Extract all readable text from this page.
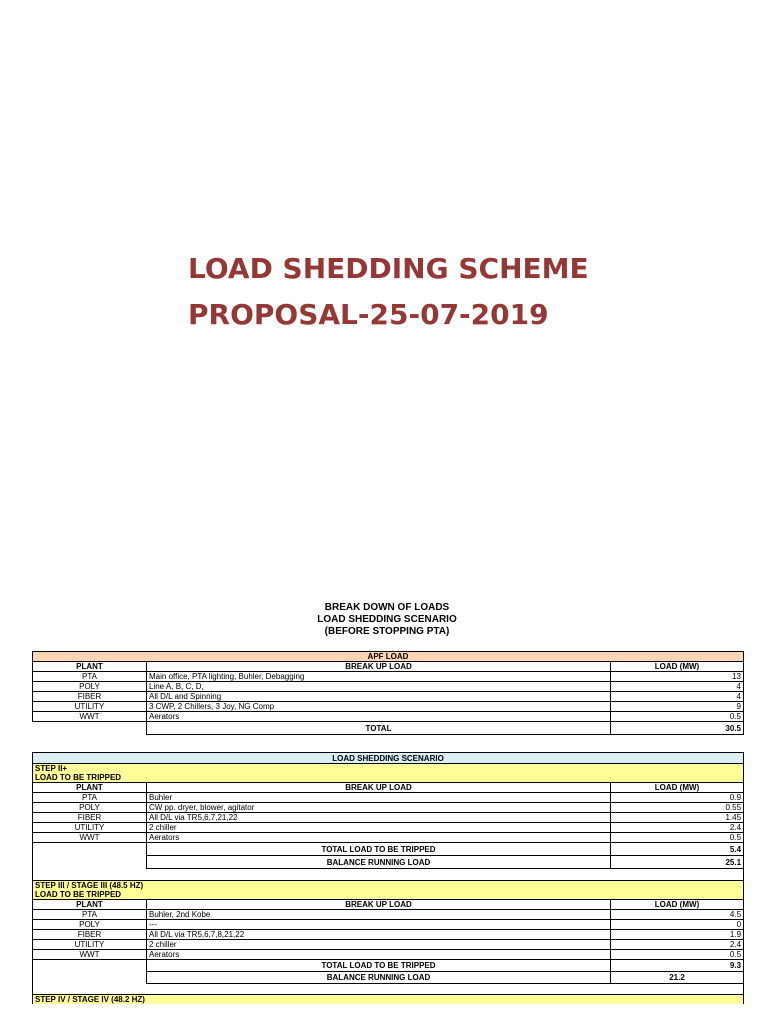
LOAD SHEDDING SCHEME
PROPOSAL-25-07-2019
BREAK DOWN OF LOADS
LOAD SHEDDING SCENARIO
(BEFORE STOPPING PTA)
APF LOAD		
PLANT	BREAK UP LOAD	LOAD (MW)
PTA	Main office, PTA lighting, Buhler, Debagging	13
POLY	Line A, B, C, D,	4
FIBER	All D/L and Spinning	4
UTILITY	3 CWP, 2 Chillers, 3 Joy, NG Comp	9
WWT	Aerators	0.5
	TOTAL	30.5
LOAD SHEDDING SCENARIO		
STEP II+		
LOAD TO BE TRIPPED		
PLANT	BREAK UP LOAD	LOAD (MW)
PTA	Buhler	0.9
POLY	CW pp. dryer, blower, agitator	0.55
FIBER	All D/L via TR5,6,7,21,22	1.45
UTILITY	2 chiller	2.4
WWT	Aerators	0.5
	TOTAL LOAD TO BE TRIPPED	5.4
	BALANCE RUNNING LOAD	25.1

STEP III / STAGE III (48.5 HZ)		
LOAD TO BE TRIPPED		
PLANT	BREAK UP LOAD	LOAD (MW)
PTA	Buhler, 2nd Kobe	4.5
POLY	---	0
FIBER	All D/L via TR5,6,7,8,21,22	1.9
UTILITY	2 chiller	2.4
WWT	Aerators	0.5
	TOTAL LOAD TO BE TRIPPED	9.3
	BALANCE RUNNING LOAD	21.2

STEP IV / STAGE IV (48.2 HZ)		
